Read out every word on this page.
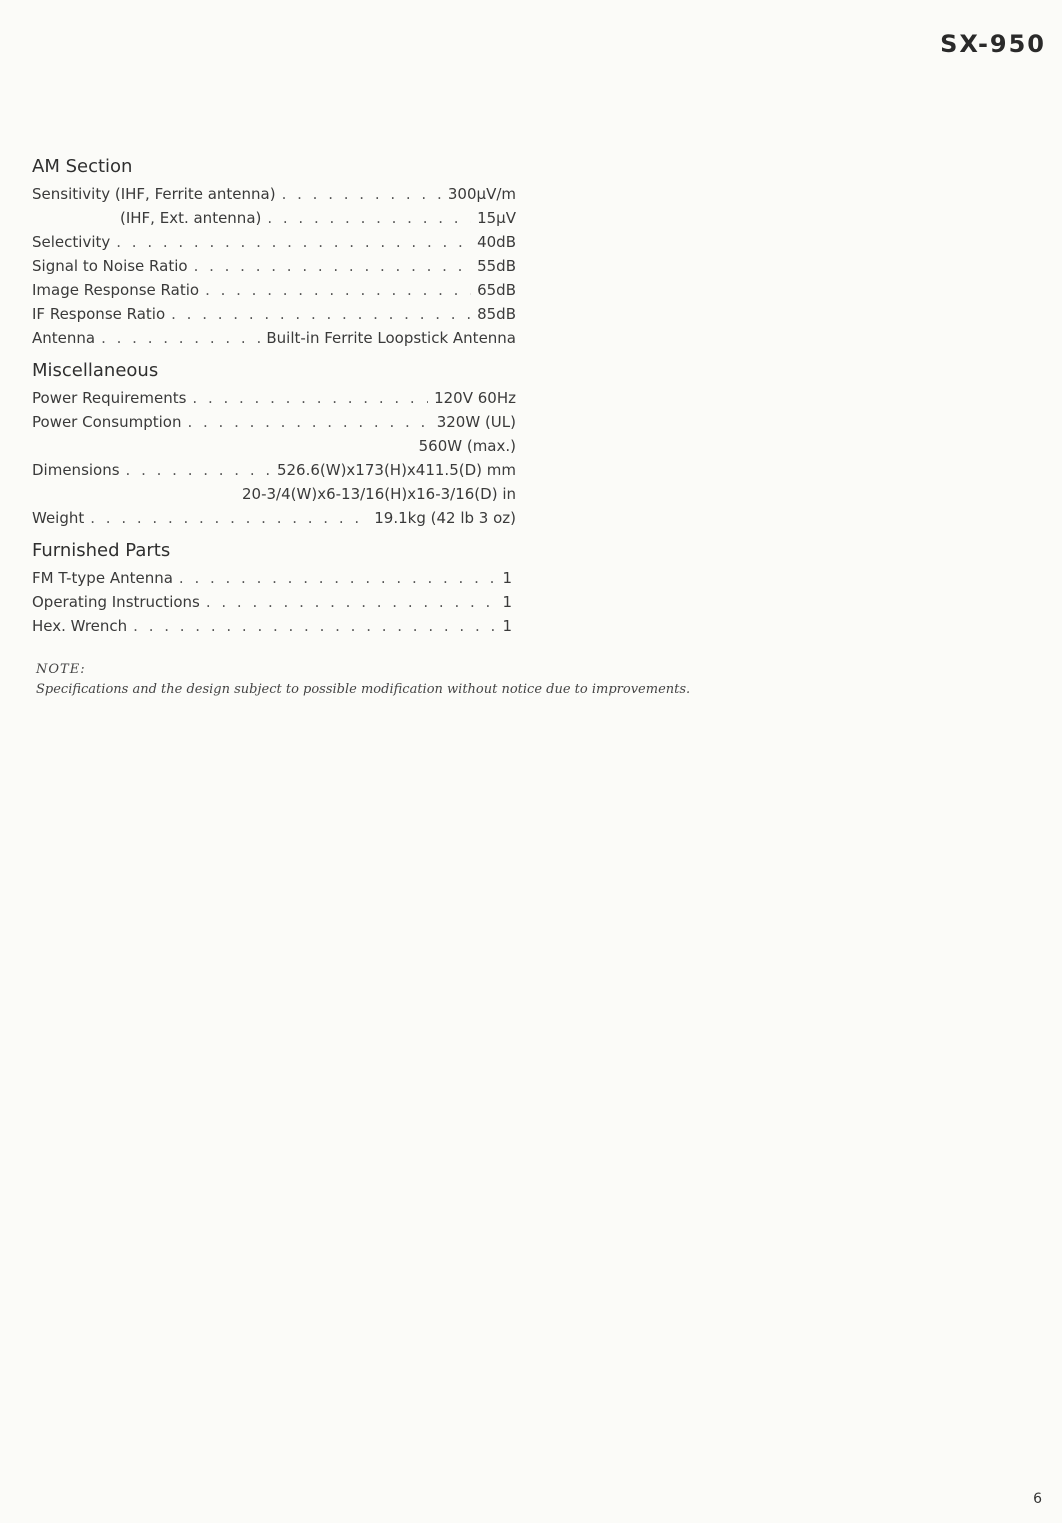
SX-950
AM Section
Sensitivity (IHF, Ferrite antenna) . . .	300μV/m
(IHF, Ext. antenna) . . .	15μV
Selectivity . . .	40dB
Signal to Noise Ratio . . .	55dB
Image Response Ratio . . .	65dB
IF Response Ratio . . .	85dB
Antenna . . .	Built-in Ferrite Loopstick Antenna
Miscellaneous
Power Requirements . . .	120V 60Hz
Power Consumption . . .	320W (UL)
560W (max.)
Dimensions . . .	526.6(W)x173(H)x411.5(D) mm
20-3/4(W)x6-13/16(H)x16-3/16(D) in
Weight . . .	19.1kg (42 lb 3 oz)
Furnished Parts
FM T-type Antenna . . .	1
Operating Instructions . . .	1
Hex. Wrench . . .	1
NOTE:
Specifications and the design subject to possible modification without notice due to improvements.
6
